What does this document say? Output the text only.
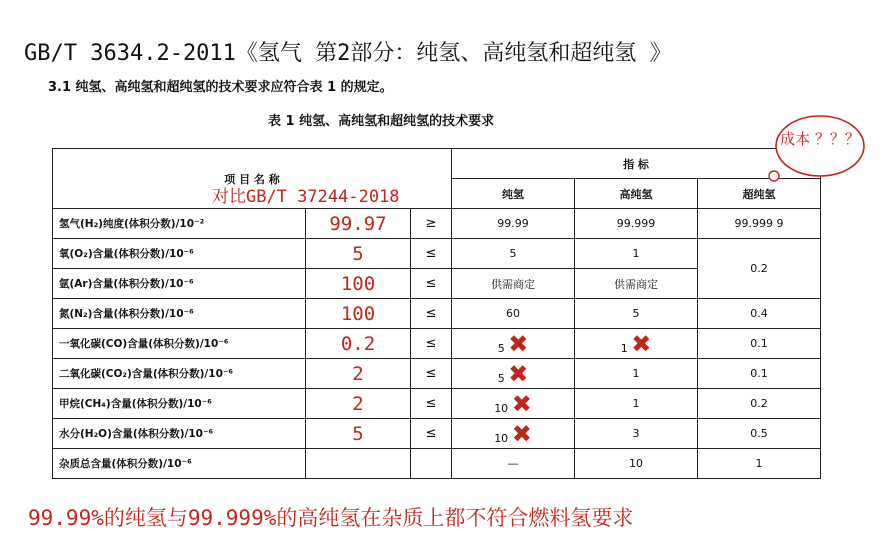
GB/T 3634.2-2011《氢气 第2部分：纯氢、高纯氢和超纯氢 》
3.1 纯氢、高纯氢和超纯氢的技术要求应符合表 1 的规定。
表 1 纯氢、高纯氢和超纯氢的技术要求
项 目 名 称			指 标		
			纯氢	高纯氢	超纯氢
氢气(H₂)纯度(体积分数)/10⁻²	99.97	≥	99.99	99.999	99.999 9
氧(O₂)含量(体积分数)/10⁻⁶	5	≤	5	1	0.2
氩(Ar)含量(体积分数)/10⁻⁶	100	≤	供需商定	供需商定	
氮(N₂)含量(体积分数)/10⁻⁶	100	≤	60	5	0.4
一氧化碳(CO)含量(体积分数)/10⁻⁶	0.2	≤	5 ✖	1 ✖	0.1
二氧化碳(CO₂)含量(体积分数)/10⁻⁶	2	≤	5 ✖	1	0.1
甲烷(CH₄)含量(体积分数)/10⁻⁶	2	≤	10 ✖	1	0.2
水分(H₂O)含量(体积分数)/10⁻⁶	5	≤	10 ✖	3	0.5
杂质总含量(体积分数)/10⁻⁶			—	10	1
对比GB/T 37244-2018
成本 ？？？
99.99%的纯氢与99.999%的高纯氢在杂质上都不符合燃料氢要求
